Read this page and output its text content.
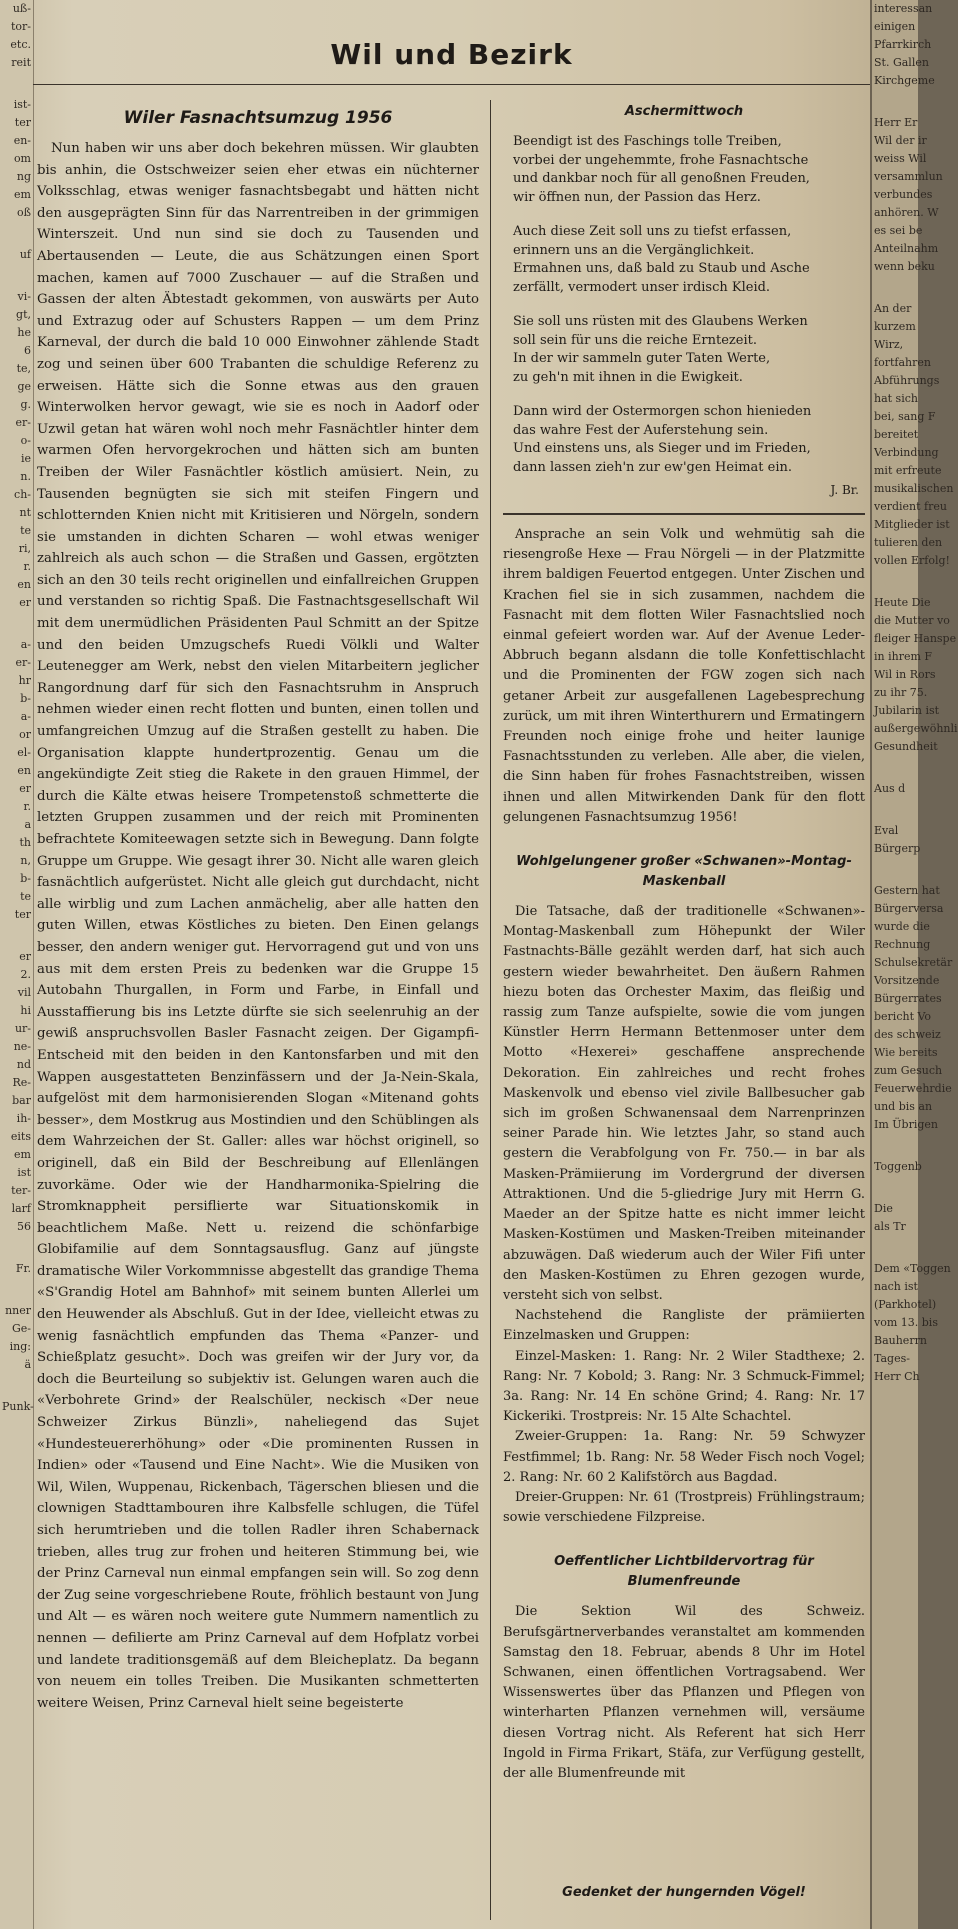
uß-

tor-

etc.

reit

ist-

ter

en-

om

ng

em

oß

uf

vi-

gt,

he

6

te,

ge

g.

er-

o-

ie

n.

ch-

nt

te

ri,

r.

en

er

a-

er-

hr

b-

a-

or

el-

en

er

r.

a

th

n,

b-

te

ter

er

2.

vil

hi

ur-

ne-

nd

Re-

bar

ih-

eits

em

ist

ter-

larf

56

Fr.

nner

Ge-

ing:

ä

Punk-

interessan

einigen

Pfarrkirch

St. Gallen

Kirchgeme

Herr Er

Wil der ir

weiss Wil

versammlun

verbundes

anhören. W

es sei be

Anteilnahm

wenn beku

An der

kurzem

Wirz,

fortfahren

Abführungs

hat sich

bei, sang F

bereitet

Verbindung

mit erfreute

musikalischen

verdient freu

Mitglieder ist

tulieren den

vollen Erfolg!

Heute Die

die Mutter vo

fleiger Hanspe

in ihrem F

Wil in Rors

zu ihr 75.

Jubilarin ist

außergewöhnli

Gesundheit

Aus d

Eval

Bürgerp

Gestern hat

Bürgerversa

wurde die

Rechnung

Schulsekretär

Vorsitzende

Bürgerrates

bericht Vo

des schweiz

Wie bereits

zum Gesuch

Feuerwehrdie

und bis an

Im Übrigen

Toggenb

Die

als Tr

Dem «Toggen

nach ist

(Parkhotel)

vom 13. bis

Bauherrn

Tages-

Herr Ch

Wil und Bezirk
Wiler Fasnachtsumzug 1956

Nun haben wir uns aber doch bekehren müssen. Wir glaubten bis anhin, die Ostschweizer seien eher etwas ein nüchterner Volksschlag, etwas weniger fasnachtsbegabt und hätten nicht den ausgeprägten Sinn für das Narrentreiben in der grimmigen Winterszeit. Und nun sind sie doch zu Tausenden und Abertausenden — Leute, die aus Schätzungen einen Sport machen, kamen auf 7000 Zuschauer — auf die Straßen und Gassen der alten Äbtestadt gekommen, von auswärts per Auto und Extrazug oder auf Schusters Rappen — um dem Prinz Karneval, der durch die bald 10 000 Einwohner zählende Stadt zog und seinen über 600 Trabanten die schuldige Referenz zu erweisen. Hätte sich die Sonne etwas aus den grauen Winterwolken hervor gewagt, wie sie es noch in Aadorf oder Uzwil getan hat wären wohl noch mehr Fasnächtler hinter dem warmen Ofen hervorgekrochen und hätten sich am bunten Treiben der Wiler Fasnächtler köstlich amüsiert. Nein, zu Tausenden begnügten sie sich mit steifen Fingern und schlotternden Knien nicht mit Kritisieren und Nörgeln, sondern sie umstanden in dichten Scharen — wohl etwas weniger zahlreich als auch schon — die Straßen und Gassen, ergötzten sich an den 30 teils recht originellen und einfallreichen Gruppen und verstanden so richtig Spaß. Die Fastnachtsgesellschaft Wil mit dem unermüdlichen Präsidenten Paul Schmitt an der Spitze und den beiden Umzugschefs Ruedi Völkli und Walter Leutenegger am Werk, nebst den vielen Mitarbeitern jeglicher Rangordnung darf für sich den Fasnachtsruhm in Anspruch nehmen wieder einen recht flotten und bunten, einen tollen und umfangreichen Umzug auf die Straßen gestellt zu haben. Die Organisation klappte hundertprozentig. Genau um die angekündigte Zeit stieg die Rakete in den grauen Himmel, der durch die Kälte etwas heisere Trompetenstoß schmetterte die letzten Gruppen zusammen und der reich mit Prominenten befrachtete Komiteewagen setzte sich in Bewegung. Dann folgte Gruppe um Gruppe. Wie gesagt ihrer 30. Nicht alle waren gleich fasnächtlich aufgerüstet. Nicht alle gleich gut durchdacht, nicht alle wirblig und zum Lachen anmächelig, aber alle hatten den guten Willen, etwas Köstliches zu bieten. Den Einen gelangs besser, den andern weniger gut. Hervorragend gut und von uns aus mit dem ersten Preis zu bedenken war die Gruppe 15 Autobahn Thurgallen, in Form und Farbe, in Einfall und Ausstaffierung bis ins Letzte dürfte sie sich seelenruhig an der gewiß anspruchsvollen Basler Fasnacht zeigen. Der Gigampfi-Entscheid mit den beiden in den Kantonsfarben und mit den Wappen ausgestatteten Benzinfässern und der Ja-Nein-Skala, aufgelöst mit dem harmonisierenden Slogan «Mitenand gohts besser», dem Mostkrug aus Mostindien und den Schüblingen als dem Wahrzeichen der St. Galler: alles war höchst originell, so originell, daß ein Bild der Beschreibung auf Ellenlängen zuvorkäme. Oder wie der Handharmonika-Spielring die Stromknappheit persiflierte war Situationskomik in beachtlichem Maße. Nett u. reizend die schönfarbige Globifamilie auf dem Sonntagsausflug. Ganz auf jüngste dramatische Wiler Vorkommnisse abgestellt das grandige Thema «S'Grandig Hotel am Bahnhof» mit seinem bunten Allerlei um den Heuwender als Abschluß. Gut in der Idee, vielleicht etwas zu wenig fasnächtlich empfunden das Thema «Panzer- und Schießplatz gesucht». Doch was greifen wir der Jury vor, da doch die Beurteilung so subjektiv ist. Gelungen waren auch die «Verbohrete Grind» der Realschüler, neckisch «Der neue Schweizer Zirkus Bünzli», naheliegend das Sujet «Hundesteuererhöhung» oder «Die prominenten Russen in Indien» oder «Tausend und Eine Nacht». Wie die Musiken von Wil, Wilen, Wuppenau, Rickenbach, Tägerschen bliesen und die clownigen Stadttambouren ihre Kalbsfelle schlugen, die Tüfel sich herumtrieben und die tollen Radler ihren Schabernack trieben, alles trug zur frohen und heiteren Stimmung bei, wie der Prinz Carneval nun einmal empfangen sein will. So zog denn der Zug seine vorgeschriebene Route, fröhlich bestaunt von Jung und Alt — es wären noch weitere gute Nummern namentlich zu nennen — defilierte am Prinz Carneval auf dem Hofplatz vorbei und landete traditionsgemäß auf dem Bleicheplatz. Da begann von neuem ein tolles Treiben. Die Musikanten schmetterten weitere Weisen, Prinz Carneval hielt seine begeisterte

Aschermittwoch
Beendigt ist des Faschings tolle Treiben,
vorbei der ungehemmte, frohe Fasnachtsche
und dankbar noch für all genoßnen Freuden,
wir öffnen nun, der Passion das Herz.
Auch diese Zeit soll uns zu tiefst erfassen,
erinnern uns an die Vergänglichkeit.
Ermahnen uns, daß bald zu Staub und Asche
zerfällt, vermodert unser irdisch Kleid.
Sie soll uns rüsten mit des Glaubens Werken
soll sein für uns die reiche Erntezeit.
In der wir sammeln guter Taten Werte,
zu geh'n mit ihnen in die Ewigkeit.
Dann wird der Ostermorgen schon hienieden
das wahre Fest der Auferstehung sein.
Und einstens uns, als Sieger und im Frieden,
dann lassen zieh'n zur ew'gen Heimat ein.
J. Br.

Ansprache an sein Volk und wehmütig sah die riesengroße Hexe — Frau Nörgeli — in der Platzmitte ihrem baldigen Feuertod entgegen. Unter Zischen und Krachen fiel sie in sich zusammen, nachdem die Fasnacht mit dem flotten Wiler Fasnachtslied noch einmal gefeiert worden war. Auf der Avenue Leder-Abbruch begann alsdann die tolle Konfettischlacht und die Prominenten der FGW zogen sich nach getaner Arbeit zur ausgefallenen Lagebesprechung zurück, um mit ihren Winterthurern und Ermatingern Freunden noch einige frohe und heiter launige Fasnachtsstunden zu verleben. Alle aber, die vielen, die Sinn haben für frohes Fasnachtstreiben, wissen ihnen und allen Mitwirkenden Dank für den flott gelungenen Fasnachtsumzug 1956!

Wohlgelungener großer «Schwanen»-Montag-Maskenball

Die Tatsache, daß der traditionelle «Schwanen»-Montag-Maskenball zum Höhepunkt der Wiler Fastnachts-Bälle gezählt werden darf, hat sich auch gestern wieder bewahrheitet. Den äußern Rahmen hiezu boten das Orchester Maxim, das fleißig und rassig zum Tanze aufspielte, sowie die vom jungen Künstler Herrn Hermann Bettenmoser unter dem Motto «Hexerei» geschaffene ansprechende Dekoration. Ein zahlreiches und recht frohes Maskenvolk und ebenso viel zivile Ballbesucher gab sich im großen Schwanensaal dem Narrenprinzen seiner Parade hin. Wie letztes Jahr, so stand auch gestern die Verabfolgung von Fr. 750.— in bar als Masken-Prämiierung im Vordergrund der diversen Attraktionen. Und die 5-gliedrige Jury mit Herrn G. Maeder an der Spitze hatte es nicht immer leicht Masken-Kostümen und Masken-Treiben miteinander abzuwägen. Daß wiederum auch der Wiler Fifi unter den Masken-Kostümen zu Ehren gezogen wurde, versteht sich von selbst.

Nachstehend die Rangliste der prämiierten Einzelmasken und Gruppen:

Einzel-Masken: 1. Rang: Nr. 2 Wiler Stadthexe; 2. Rang: Nr. 7 Kobold; 3. Rang: Nr. 3 Schmuck-Fimmel; 3a. Rang: Nr. 14 En schöne Grind; 4. Rang: Nr. 17 Kickeriki. Trostpreis: Nr. 15 Alte Schachtel.

Zweier-Gruppen: 1a. Rang: Nr. 59 Schwyzer Festfimmel; 1b. Rang: Nr. 58 Weder Fisch noch Vogel; 2. Rang: Nr. 60 2 Kalifstörch aus Bagdad.

Dreier-Gruppen: Nr. 61 (Trostpreis) Frühlingstraum; sowie verschiedene Filzpreise.

Oeffentlicher Lichtbildervortrag für Blumenfreunde

Die Sektion Wil des Schweiz. Berufsgärtnerverbandes veranstaltet am kommenden Samstag den 18. Februar, abends 8 Uhr im Hotel Schwanen, einen öffentlichen Vortragsabend. Wer Wissenswertes über das Pflanzen und Pflegen von winterharten Pflanzen vernehmen will, versäume diesen Vortrag nicht. Als Referent hat sich Herr Ingold in Firma Frikart, Stäfa, zur Verfügung gestellt, der alle Blumenfreunde mit

Gedenket der hungernden Vögel!
